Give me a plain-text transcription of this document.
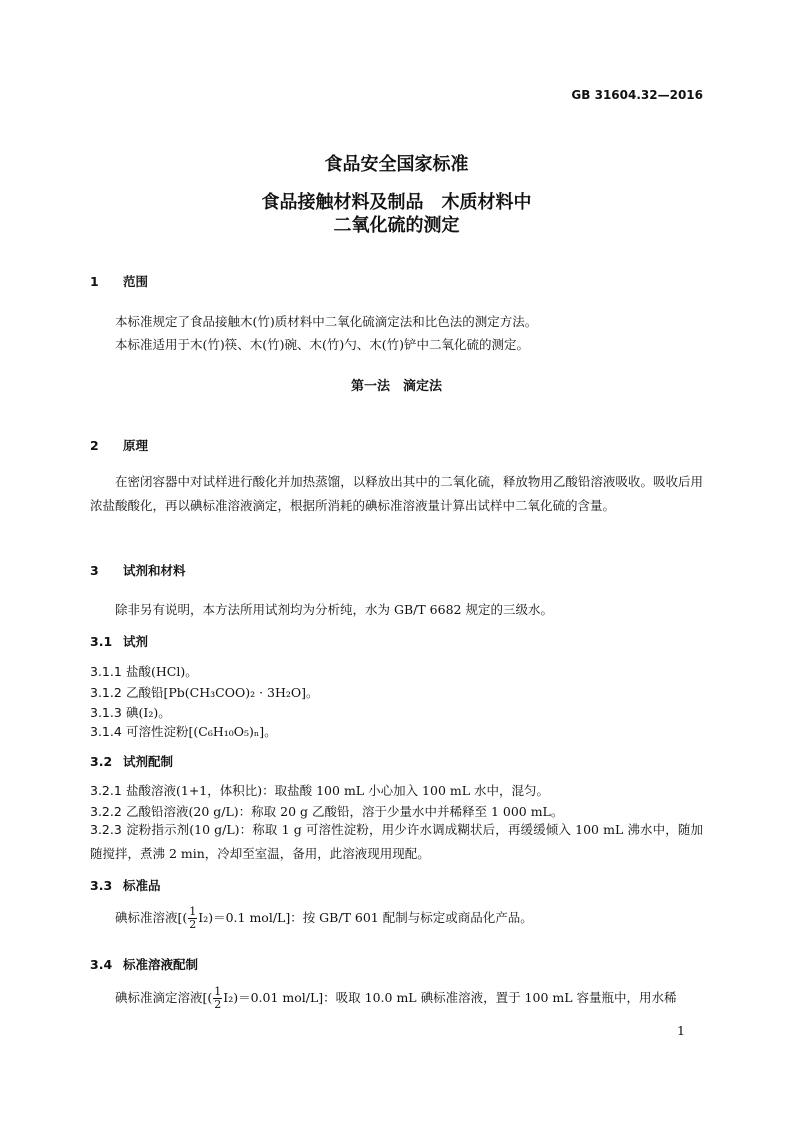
GB 31604.32—2016
食品安全国家标准
食品接触材料及制品　木质材料中
二氧化硫的测定
1 范围
本标准规定了食品接触木(竹)质材料中二氧化硫滴定法和比色法的测定方法。
本标准适用于木(竹)筷、木(竹)碗、木(竹)勺、木(竹)铲中二氧化硫的测定。
第一法　滴定法
2 原理
在密闭容器中对试样进行酸化并加热蒸馏，以释放出其中的二氧化硫，释放物用乙酸铅溶液吸收。吸收后用浓盐酸酸化，再以碘标准溶液滴定，根据所消耗的碘标准溶液量计算出试样中二氧化硫的含量。
3 试剂和材料
除非另有说明，本方法所用试剂均为分析纯，水为 GB/T 6682 规定的三级水。
3.1 试剂
3.1.1 盐酸(HCl)。
3.1.2 乙酸铅[Pb(CH₃COO)₂ · 3H₂O]。
3.1.3 碘(I₂)。
3.1.4 可溶性淀粉[(C₆H₁₀O₅)ₙ]。
3.2 试剂配制
3.2.1 盐酸溶液(1+1，体积比)：取盐酸 100 mL 小心加入 100 mL 水中，混匀。
3.2.2 乙酸铅溶液(20 g/L)：称取 20 g 乙酸铅，溶于少量水中并稀释至 1 000 mL。
3.2.3 淀粉指示剂(10 g/L)：称取 1 g 可溶性淀粉，用少许水调成糊状后，再缓缓倾入 100 mL 沸水中，随加随搅拌，煮沸 2 min，冷却至室温，备用，此溶液现用现配。
3.3 标准品
碘标准溶液[( $\frac{1}{2} I_2)=0.1$ mol/L]：按 GB/T 601 配制与标定或商品化产品。
3.4 标准溶液配制
碘标准滴定溶液[( $\frac{1}{2} I_2)=0.01$ mol/L]：吸取 10.0 mL 碘标准溶液，置于 100 mL 容量瓶中，用水稀
1
